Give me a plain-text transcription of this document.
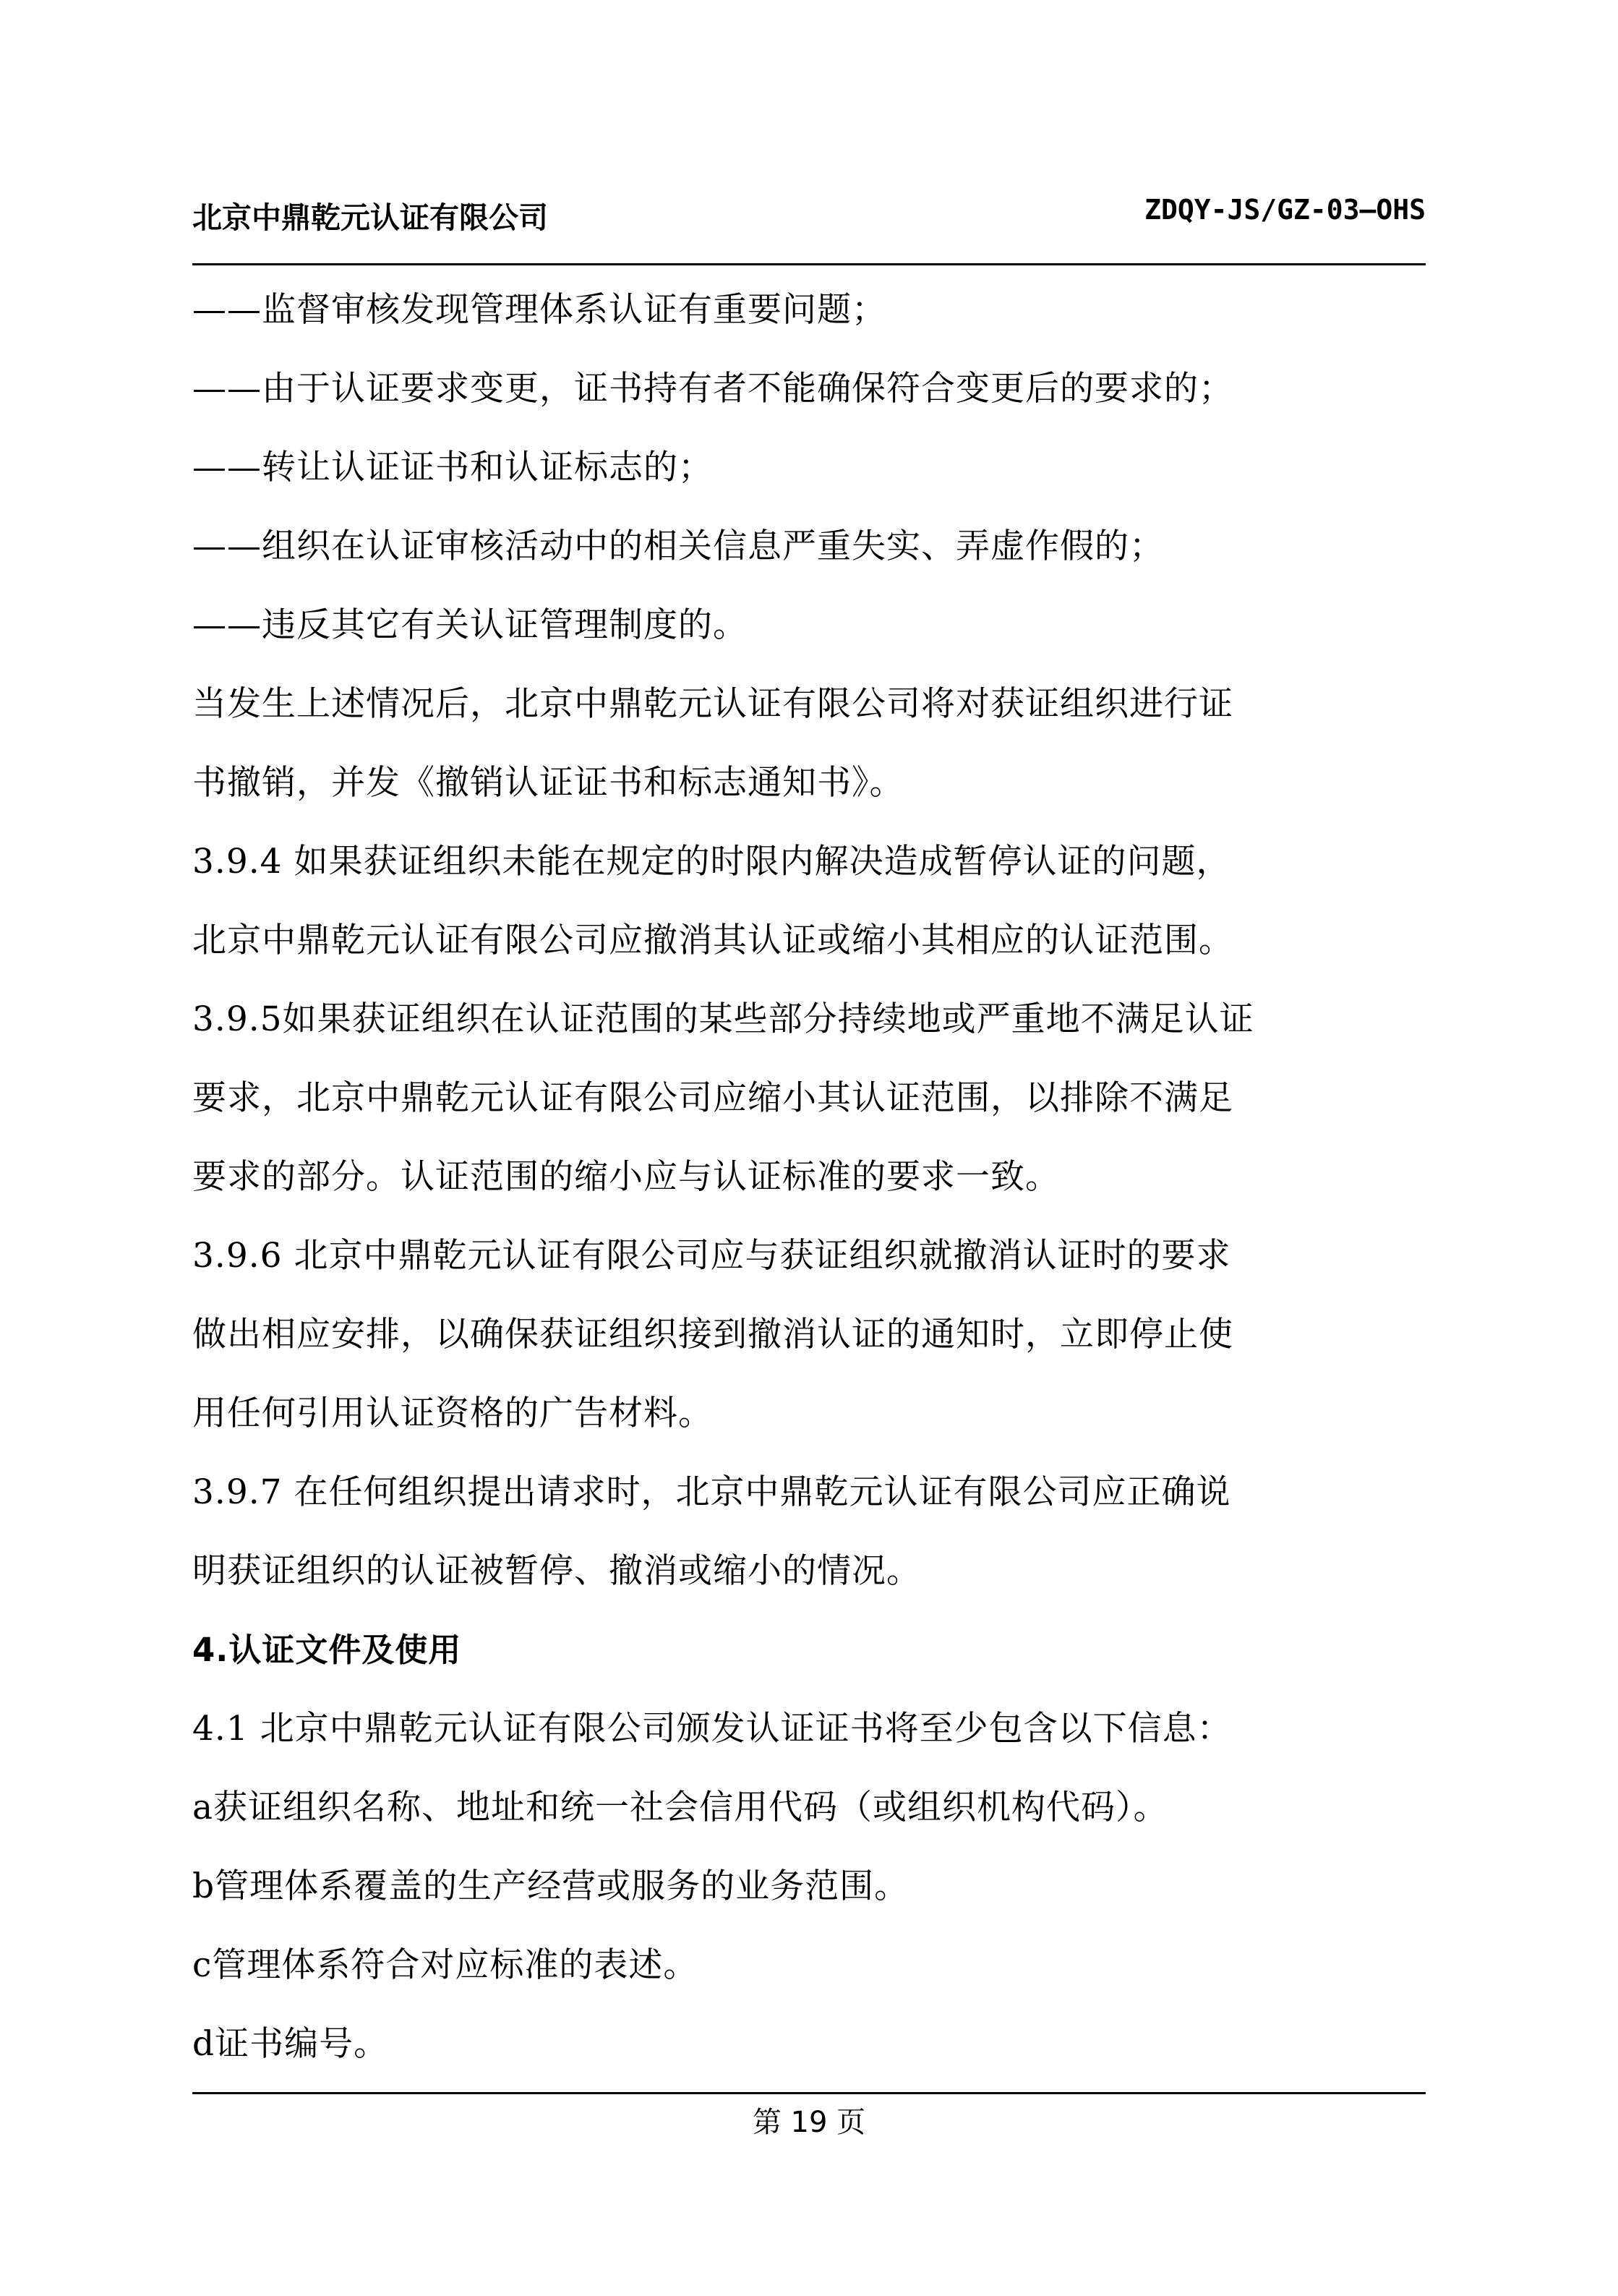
北京中鼎乾元认证有限公司	ZDQY-JS/GZ-03—OHS
——监督审核发现管理体系认证有重要问题；
——由于认证要求变更，证书持有者不能确保符合变更后的要求的；
——转让认证证书和认证标志的；
——组织在认证审核活动中的相关信息严重失实、弄虚作假的；
——违反其它有关认证管理制度的。
当发生上述情况后，北京中鼎乾元认证有限公司将对获证组织进行证
书撤销，并发《撤销认证证书和标志通知书》。
3.9.4 如果获证组织未能在规定的时限内解决造成暂停认证的问题，
北京中鼎乾元认证有限公司应撤消其认证或缩小其相应的认证范围。
3.9.5如果获证组织在认证范围的某些部分持续地或严重地不满足认证
要求，北京中鼎乾元认证有限公司应缩小其认证范围，以排除不满足
要求的部分。认证范围的缩小应与认证标准的要求一致。
3.9.6 北京中鼎乾元认证有限公司应与获证组织就撤消认证时的要求
做出相应安排，以确保获证组织接到撤消认证的通知时，立即停止使
用任何引用认证资格的广告材料。
3.9.7 在任何组织提出请求时，北京中鼎乾元认证有限公司应正确说
明获证组织的认证被暂停、撤消或缩小的情况。
4.认证文件及使用
4.1 北京中鼎乾元认证有限公司颁发认证证书将至少包含以下信息：
a获证组织名称、地址和统一社会信用代码（或组织机构代码）。
b管理体系覆盖的生产经营或服务的业务范围。
c管理体系符合对应标准的表述。
d证书编号。
第 19 页
